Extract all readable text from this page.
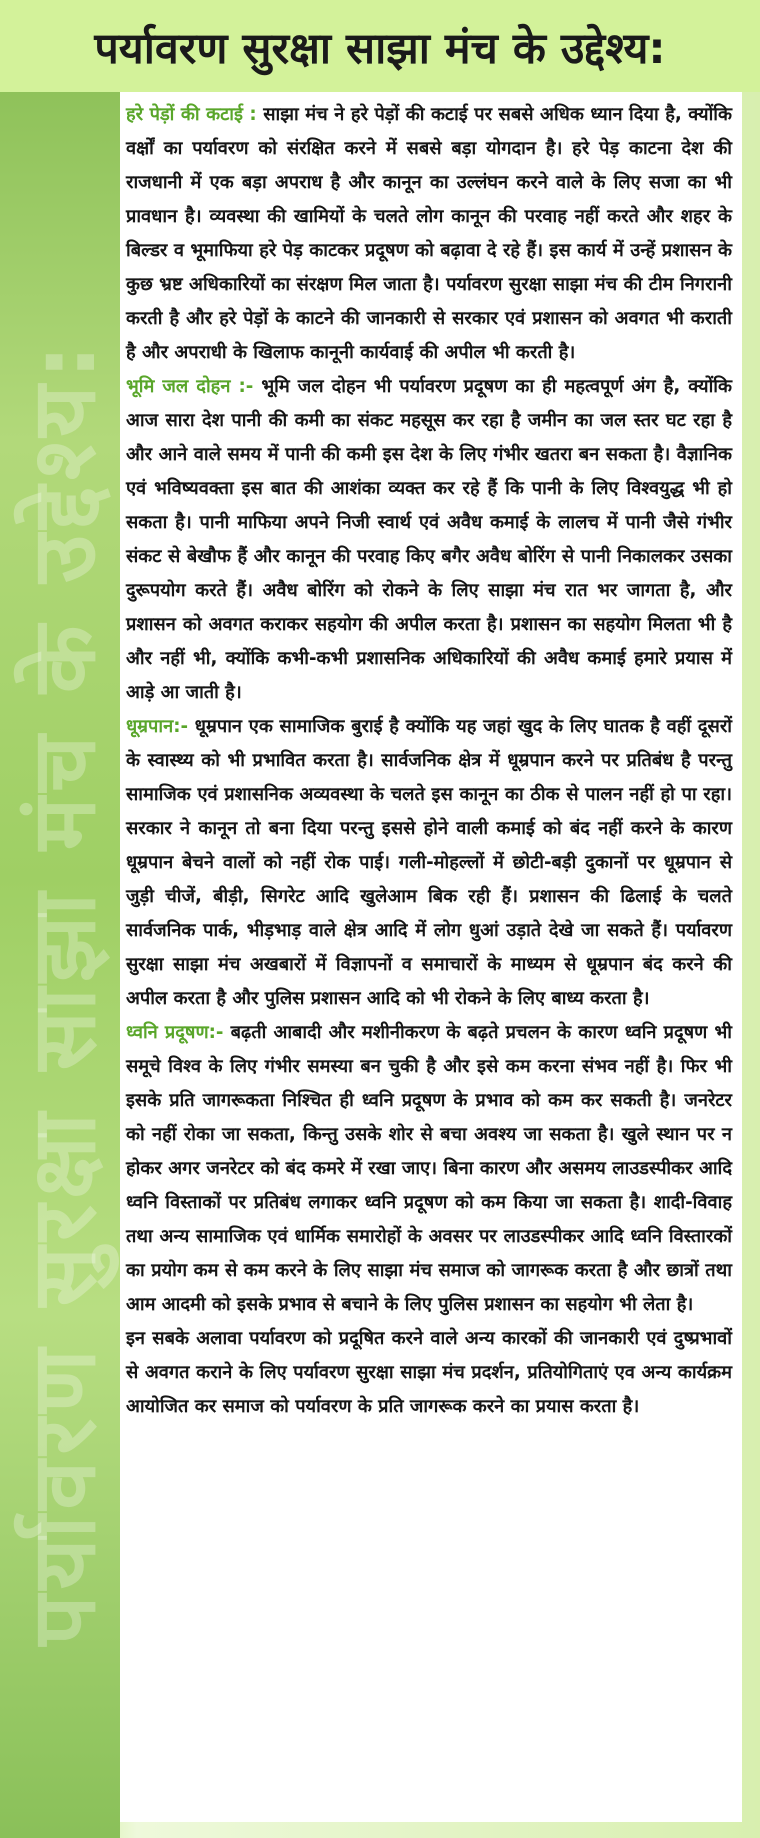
पर्यावरण सुरक्षा साझा मंच के उद्देश्य:
पर्यावरण सुरक्षा साझा मंच के उद्देश्य:

हरे पेड़ों की कटाई : साझा मंच ने हरे पेड़ों की कटाई पर सबसे अधिक ध्यान दिया है, क्योंकि वर्क्षों का पर्यावरण को संरक्षित करने में सबसे बड़ा योगदान है। हरे पेड़ काटना देश की राजधानी में एक बड़ा अपराध है और कानून का उल्लंघन करने वाले के लिए सजा का भी प्रावधान है। व्यवस्था की खामियों के चलते लोग कानून की परवाह नहीं करते और शहर के बिल्डर व भूमाफिया हरे पेड़ काटकर प्रदूषण को बढ़ावा दे रहे हैं। इस कार्य में उन्हें प्रशासन के कुछ भ्रष्ट अधिकारियों का संरक्षण मिल जाता है। पर्यावरण सुरक्षा साझा मंच की टीम निगरानी करती है और हरे पेड़ों के काटने की जानकारी से सरकार एवं प्रशासन को अवगत भी कराती है और अपराधी के खिलाफ कानूनी कार्यवाई की अपील भी करती है।

भूमि जल दोहन :- भूमि जल दोहन भी पर्यावरण प्रदूषण का ही महत्वपूर्ण अंग है, क्योंकि आज सारा देश पानी की कमी का संकट महसूस कर रहा है जमीन का जल स्तर घट रहा है और आने वाले समय में पानी की कमी इस देश के लिए गंभीर खतरा बन सकता है। वैज्ञानिक एवं भविष्यवक्ता इस बात की आशंका व्यक्त कर रहे हैं कि पानी के लिए विश्वयुद्ध भी हो सकता है। पानी माफिया अपने निजी स्वार्थ एवं अवैध कमाई के लालच में पानी जैसे गंभीर संकट से बेखौफ हैं और कानून की परवाह किए बगैर अवैध बोरिंग से पानी निकालकर उसका दुरूपयोग करते हैं। अवैध बोरिंग को रोकने के लिए साझा मंच रात भर जागता है, और प्रशासन को अवगत कराकर सहयोग की अपील करता है। प्रशासन का सहयोग मिलता भी है और नहीं भी, क्योंकि कभी-कभी प्रशासनिक अधिकारियों की अवैध कमाई हमारे प्रयास में आड़े आ जाती है।

धूम्रपान:- धूम्रपान एक सामाजिक बुराई है क्योंकि यह जहां खुद के लिए घातक है वहीं दूसरों के स्वास्थ्य को भी प्रभावित करता है। सार्वजनिक क्षेत्र में धूम्रपान करने पर प्रतिबंध है परन्तु सामाजिक एवं प्रशासनिक अव्यवस्था के चलते इस कानून का ठीक से पालन नहीं हो पा रहा। सरकार ने कानून तो बना दिया परन्तु इससे होने वाली कमाई को बंद नहीं करने के कारण धूम्रपान बेचने वालों को नहीं रोक पाई। गली-मोहल्लों में छोटी-बड़ी दुकानों पर धूम्रपान से जुड़ी चीजें, बीड़ी, सिगरेट आदि खुलेआम बिक रही हैं। प्रशासन की ढिलाई के चलते सार्वजनिक पार्क, भीड़भाड़ वाले क्षेत्र आदि में लोग धुआं उड़ाते देखे जा सकते हैं। पर्यावरण सुरक्षा साझा मंच अखबारों में विज्ञापनों व समाचारों के माध्यम से धूम्रपान बंद करने की अपील करता है और पुलिस प्रशासन आदि को भी रोकने के लिए बाध्य करता है।

ध्वनि प्रदूषण:- बढ़ती आबादी और मशीनीकरण के बढ़ते प्रचलन के कारण ध्वनि प्रदूषण भी समूचे विश्व के लिए गंभीर समस्या बन चुकी है और इसे कम करना संभव नहीं है। फिर भी इसके प्रति जागरूकता निश्चित ही ध्वनि प्रदूषण के प्रभाव को कम कर सकती है। जनरेटर को नहीं रोका जा सकता, किन्तु उसके शोर से बचा अवश्य जा सकता है। खुले स्थान पर न होकर अगर जनरेटर को बंद कमरे में रखा जाए। बिना कारण और असमय लाउडस्पीकर आदि ध्वनि विस्ताकों पर प्रतिबंध लगाकर ध्वनि प्रदूषण को कम किया जा सकता है। शादी-विवाह तथा अन्य सामाजिक एवं धार्मिक समारोहों के अवसर पर लाउडस्पीकर आदि ध्वनि विस्तारकों का प्रयोग कम से कम करने के लिए साझा मंच समाज को जागरूक करता है और छात्रों तथा आम आदमी को इसके प्रभाव से बचाने के लिए पुलिस प्रशासन का सहयोग भी लेता है।

इन सबके अलावा पर्यावरण को प्रदूषित करने वाले अन्य कारकों की जानकारी एवं दुष्प्रभावों से अवगत कराने के लिए पर्यावरण सुरक्षा साझा मंच प्रदर्शन, प्रतियोगिताएं एव अन्य कार्यक्रम आयोजित कर समाज को पर्यावरण के प्रति जागरूक करने का प्रयास करता है।
